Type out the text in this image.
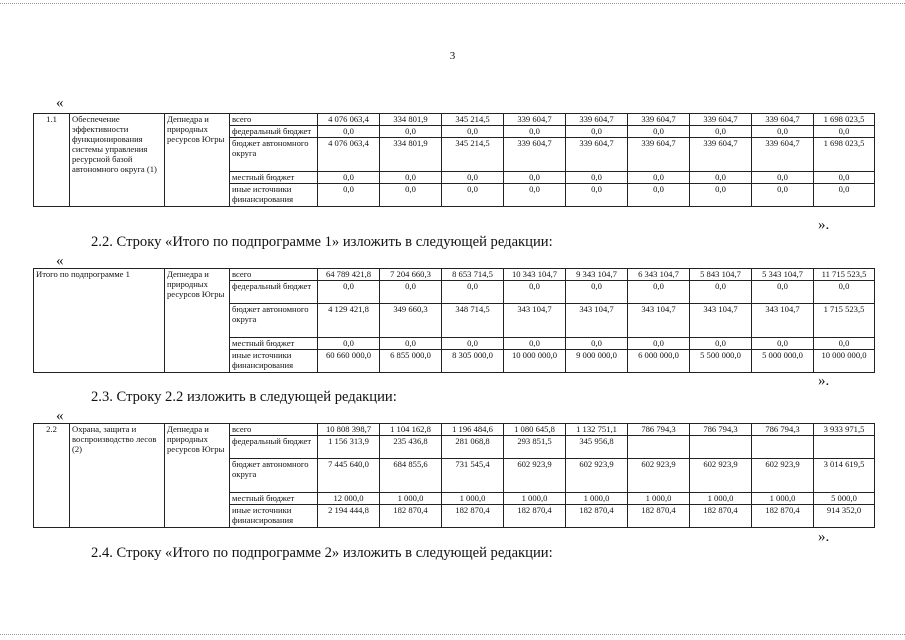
3
«
1.1	Обеспечение эффективности функционирования системы управления ресурсной базой автономного округа (1)	Депнедра и природных ресурсов Югры	всего	4 076 063,4	334 801,9	345 214,5	339 604,7	339 604,7	339 604,7	339 604,7	339 604,7	1 698 023,5
			федеральный бюджет	0,0	0,0	0,0	0,0	0,0	0,0	0,0	0,0	0,0
			бюджет автономного округа	4 076 063,4	334 801,9	345 214,5	339 604,7	339 604,7	339 604,7	339 604,7	339 604,7	1 698 023,5
			местный бюджет	0,0	0,0	0,0	0,0	0,0	0,0	0,0	0,0	0,0
			иные источники финансирования	0,0	0,0	0,0	0,0	0,0	0,0	0,0	0,0	0,0
».
2.2. Строку «Итого по подпрограмме 1» изложить в следующей редакции:
«
Итого по подпрограмме 1	Депнедра и природных ресурсов Югры	всего	64 789 421,8	7 204 660,3	8 653 714,5	10 343 104,7	9 343 104,7	6 343 104,7	5 843 104,7	5 343 104,7	11 715 523,5
		федеральный бюджет	0,0	0,0	0,0	0,0	0,0	0,0	0,0	0,0	0,0
		бюджет автономного округа	4 129 421,8	349 660,3	348 714,5	343 104,7	343 104,7	343 104,7	343 104,7	343 104,7	1 715 523,5
		местный бюджет	0,0	0,0	0,0	0,0	0,0	0,0	0,0	0,0	0,0
		иные источники финансирования	60 660 000,0	6 855 000,0	8 305 000,0	10 000 000,0	9 000 000,0	6 000 000,0	5 500 000,0	5 000 000,0	10 000 000,0
».
2.3. Строку 2.2 изложить в следующей редакции:
«
2.2	Охрана, защита и воспроизводство лесов (2)	Депнедра и природных ресурсов Югры	всего	10 808 398,7	1 104 162,8	1 196 484,6	1 080 645,8	1 132 751,1	786 794,3	786 794,3	786 794,3	3 933 971,5
			федеральный бюджет	1 156 313,9	235 436,8	281 068,8	293 851,5	345 956,8				
			бюджет автономного округа	7 445 640,0	684 855,6	731 545,4	602 923,9	602 923,9	602 923,9	602 923,9	602 923,9	3 014 619,5
			местный бюджет	12 000,0	1 000,0	1 000,0	1 000,0	1 000,0	1 000,0	1 000,0	1 000,0	5 000,0
			иные источники финансирования	2 194 444,8	182 870,4	182 870,4	182 870,4	182 870,4	182 870,4	182 870,4	182 870,4	914 352,0
».
2.4. Строку «Итого по подпрограмме 2» изложить в следующей редакции:
